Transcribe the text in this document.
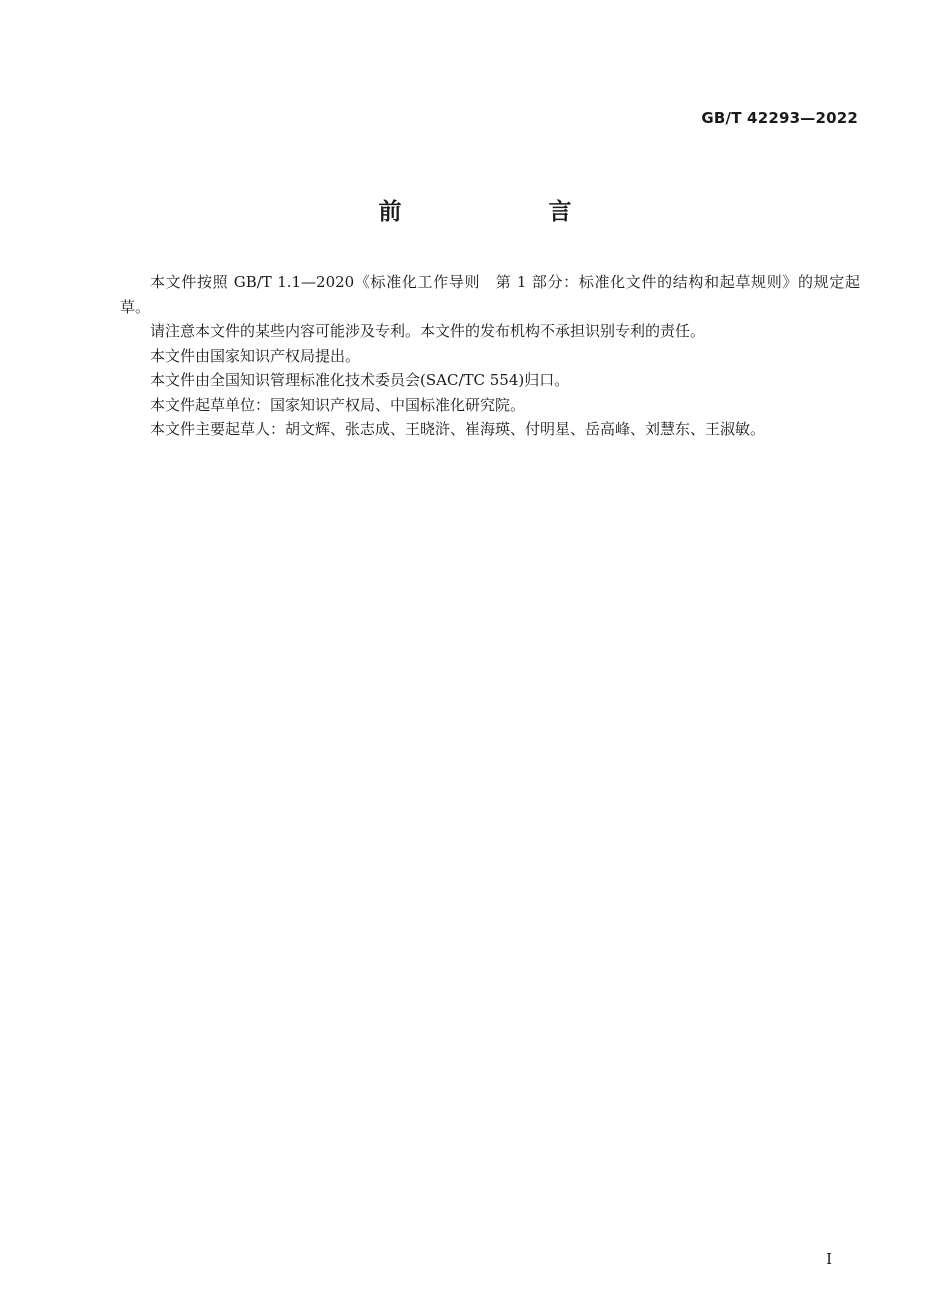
GB/T 42293—2022
前　言

本文件按照 GB/T 1.1—2020《标准化工作导则　第 1 部分：标准化文件的结构和起草规则》的规定起草。

请注意本文件的某些内容可能涉及专利。本文件的发布机构不承担识别专利的责任。

本文件由国家知识产权局提出。

本文件由全国知识管理标准化技术委员会(SAC/TC 554)归口。

本文件起草单位：国家知识产权局、中国标准化研究院。

本文件主要起草人：胡文辉、张志成、王晓浒、崔海瑛、付明星、岳高峰、刘慧东、王淑敏。

I
